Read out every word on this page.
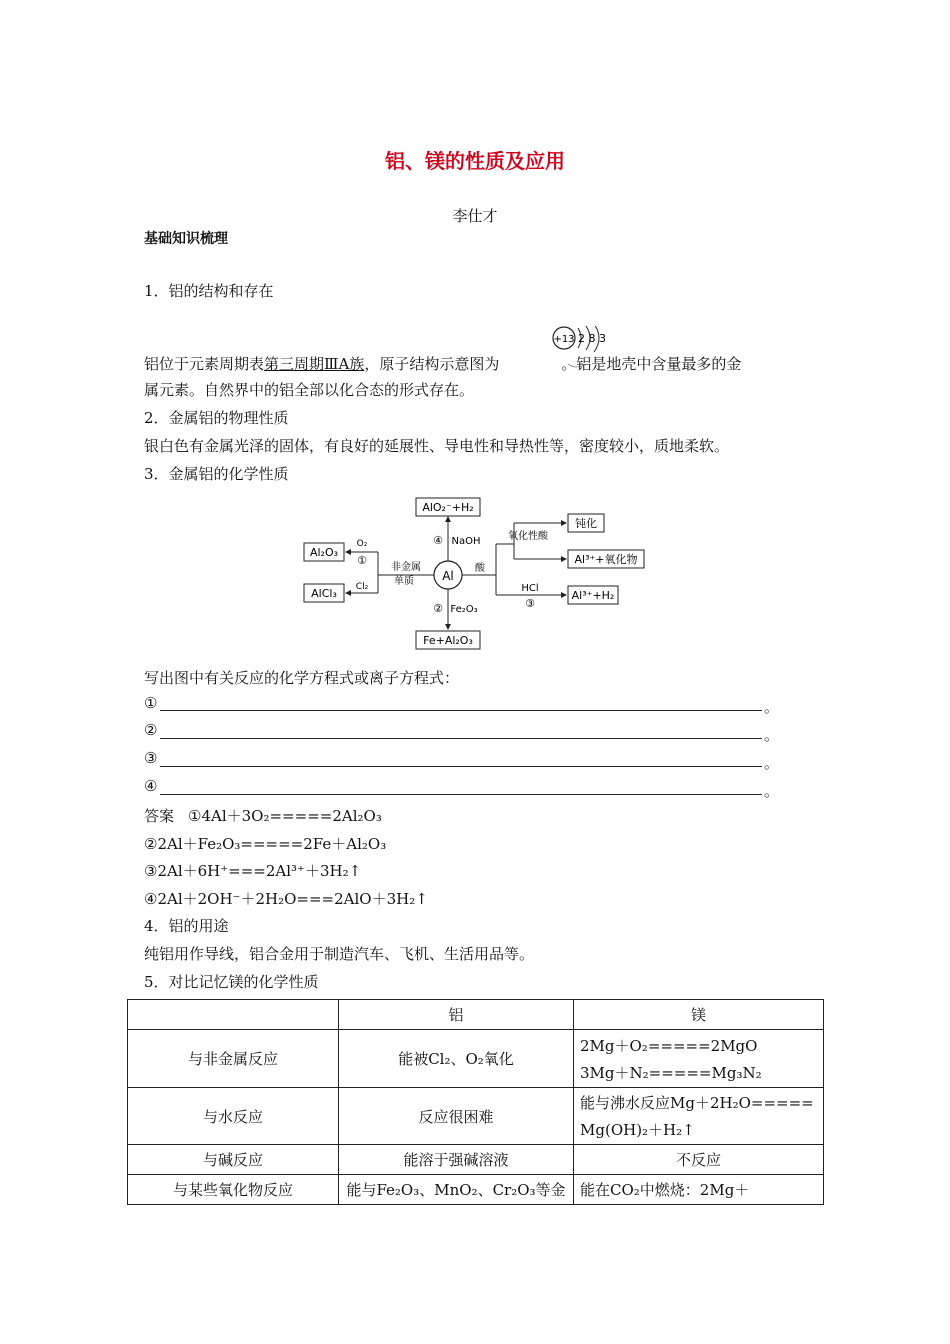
铝、镁的性质及应用
李仕才
基础知识梳理
1．铝的结构和存在
+13 2 8 3
铝位于元素周期表第三周期ⅢA族，原子结构示意图为	。铝是地壳中含量最多的金
属元素。自然界中的铝全部以化合态的形式存在。
2．金属铝的物理性质
银白色有金属光泽的固体，有良好的延展性、导电性和导热性等，密度较小，质地柔软。
3．金属铝的化学性质
Al
AlO₂⁻+H₂
④ NaOH
Fe+Al₂O₃
② Fe₂O₃
Al₂O₃
AlCl₃
O₂
①
Cl₂
非金属
单质
酸
氧化性酸
HCl
③
钝化
Al³⁺+氧化物
Al³⁺+H₂
写出图中有关反应的化学方程式或离子方程式：
①	。
②	。
③	。
④	。
答案 ①4Al＋3O₂=====2Al₂O₃
②2Al＋Fe₂O₃=====2Fe＋Al₂O₃
③2Al＋6H⁺===2Al³⁺＋3H₂↑
④2Al＋2OH⁻＋2H₂O===2AlO＋3H₂↑
4．铝的用途
纯铝用作导线，铝合金用于制造汽车、飞机、生活用品等。
5．对比记忆镁的化学性质
	铝	镁
与非金属反应	能被Cl₂、O₂氧化	2Mg＋O₂=====2MgO
3Mg＋N₂=====Mg₃N₂

与水反应	反应很困难	能与沸水反应Mg＋2H₂O=====
Mg(OH)₂＋H₂↑

与碱反应	能溶于强碱溶液	不反应
与某些氧化物反应	能与Fe₂O₃、MnO₂、Cr₂O₃等金	能在CO₂中燃烧：2Mg＋
